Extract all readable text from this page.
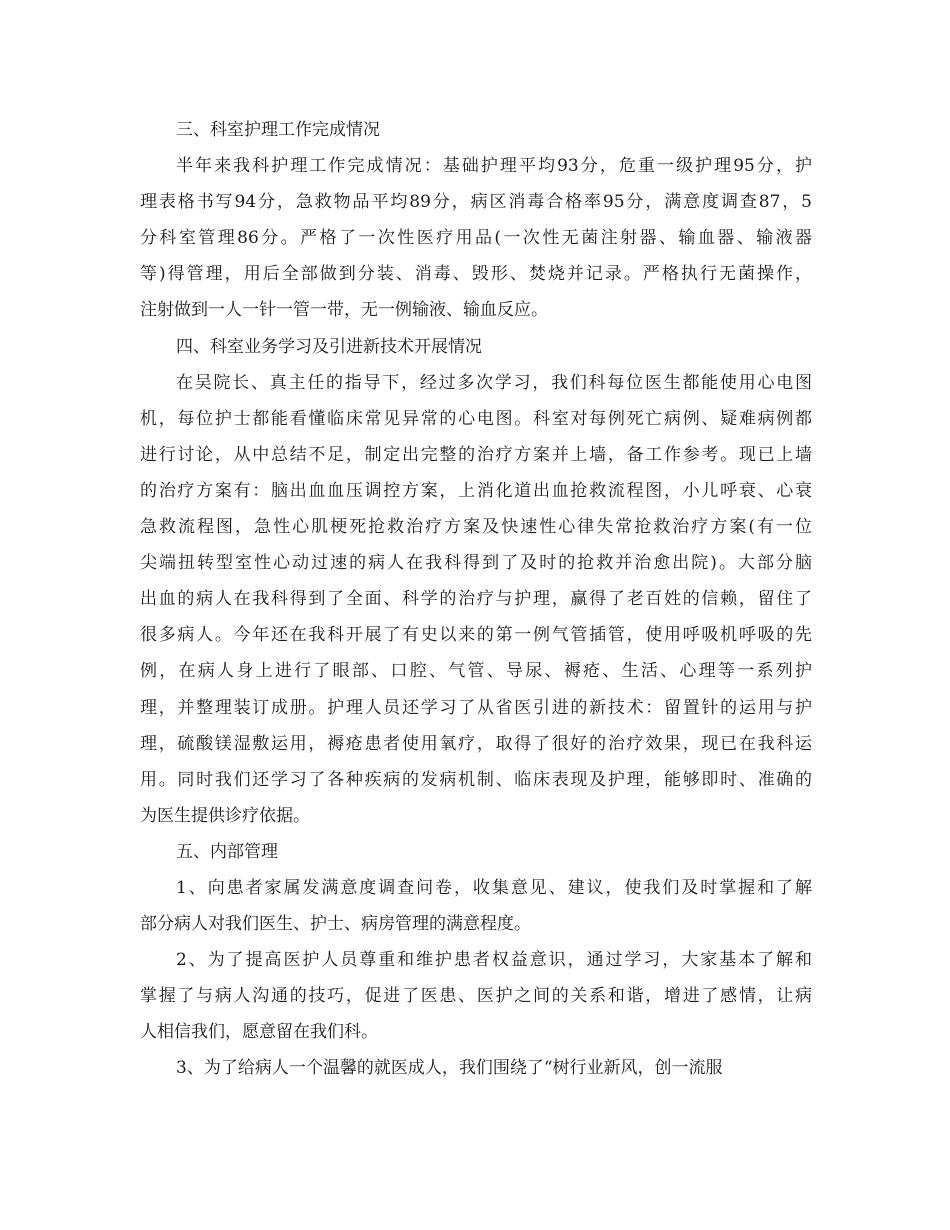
三、科室护理工作完成情况
半年来我科护理工作完成情况：基础护理平均93分，危重一级护理95分，护
理表格书写94分，急救物品平均89分，病区消毒合格率95分，满意度调查87，5
分科室管理86分。严格了一次性医疗用品(一次性无菌注射器、输血器、输液器
等)得管理，用后全部做到分装、消毒、毁形、焚烧并记录。严格执行无菌操作，
注射做到一人一针一管一带，无一例输液、输血反应。
四、科室业务学习及引进新技术开展情况
在吴院长、真主任的指导下，经过多次学习，我们科每位医生都能使用心电图
机，每位护士都能看懂临床常见异常的心电图。科室对每例死亡病例、疑难病例都
进行讨论，从中总结不足，制定出完整的治疗方案并上墙，备工作参考。现已上墙
的治疗方案有：脑出血血压调控方案，上消化道出血抢救流程图，小儿呼衰、心衰
急救流程图，急性心肌梗死抢救治疗方案及快速性心律失常抢救治疗方案(有一位
尖端扭转型室性心动过速的病人在我科得到了及时的抢救并治愈出院)。大部分脑
出血的病人在我科得到了全面、科学的治疗与护理，赢得了老百姓的信赖，留住了
很多病人。今年还在我科开展了有史以来的第一例气管插管，使用呼吸机呼吸的先
例，在病人身上进行了眼部、口腔、气管、导尿、褥疮、生活、心理等一系列护
理，并整理装订成册。护理人员还学习了从省医引进的新技术：留置针的运用与护
理，硫酸镁湿敷运用，褥疮患者使用氧疗，取得了很好的治疗效果，现已在我科运
用。同时我们还学习了各种疾病的发病机制、临床表现及护理，能够即时、准确的
为医生提供诊疗依据。
五、内部管理
1、向患者家属发满意度调查问卷，收集意见、建议，使我们及时掌握和了解
部分病人对我们医生、护士、病房管理的满意程度。
2、为了提高医护人员尊重和维护患者权益意识，通过学习，大家基本了解和
掌握了与病人沟通的技巧，促进了医患、医护之间的关系和谐，增进了感情，让病
人相信我们，愿意留在我们科。
3、为了给病人一个温馨的就医成人，我们围绕了“树行业新风，创一流服
